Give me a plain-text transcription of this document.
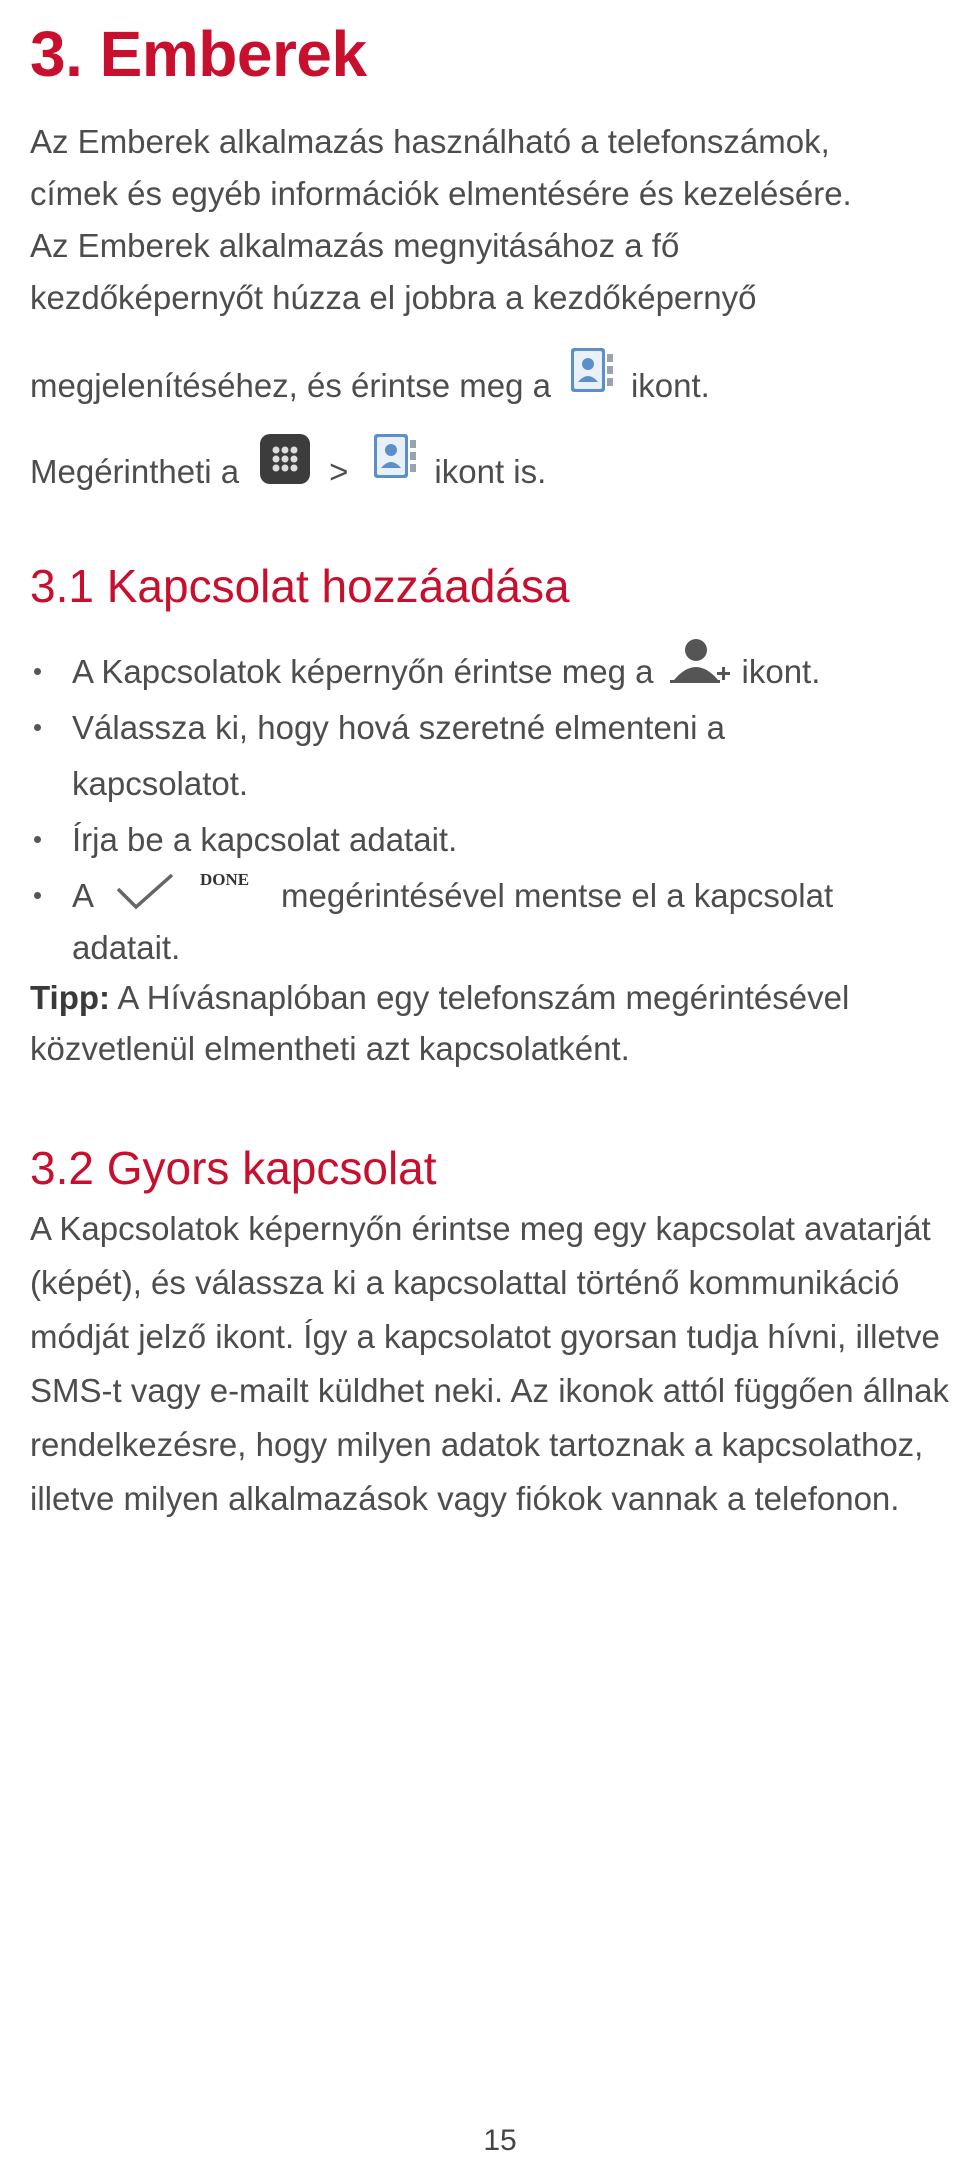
3. Emberek
Az Emberek alkalmazás használható a telefonszámok,
címek és egyéb információk elmentésére és kezelésére.
Az Emberek alkalmazás megnyitásához a fő
kezdőképernyőt húzza el jobbra a kezdőképernyő
megjelenítéséhez, és érintse meg a ikont.
Megérintheti a	>	ikont is.
3.1 Kapcsolat hozzáadása
A Kapcsolatok képernyőn érintse meg a	ikont.
Válassza ki, hogy hová szeretné elmenteni a kapcsolatot.
Írja be a kapcsolat adatait.
A	DONE megérintésével mentse el a kapcsolat
adatait.
Tipp: A Hívásnaplóban egy telefonszám megérintésével közvetlenül elmentheti azt kapcsolatként.
3.2 Gyors kapcsolat

A Kapcsolatok képernyőn érintse meg egy kapcsolat avatarját (képét), és válassza ki a kapcsolattal történő kommunikáció módját jelző ikont. Így a kapcsolatot gyorsan tudja hívni, illetve SMS-t vagy e-mailt küldhet neki. Az ikonok attól függően állnak rendelkezésre, hogy milyen adatok tartoznak a kapcsolathoz, illetve milyen alkalmazások vagy fiókok vannak a telefonon.

15
